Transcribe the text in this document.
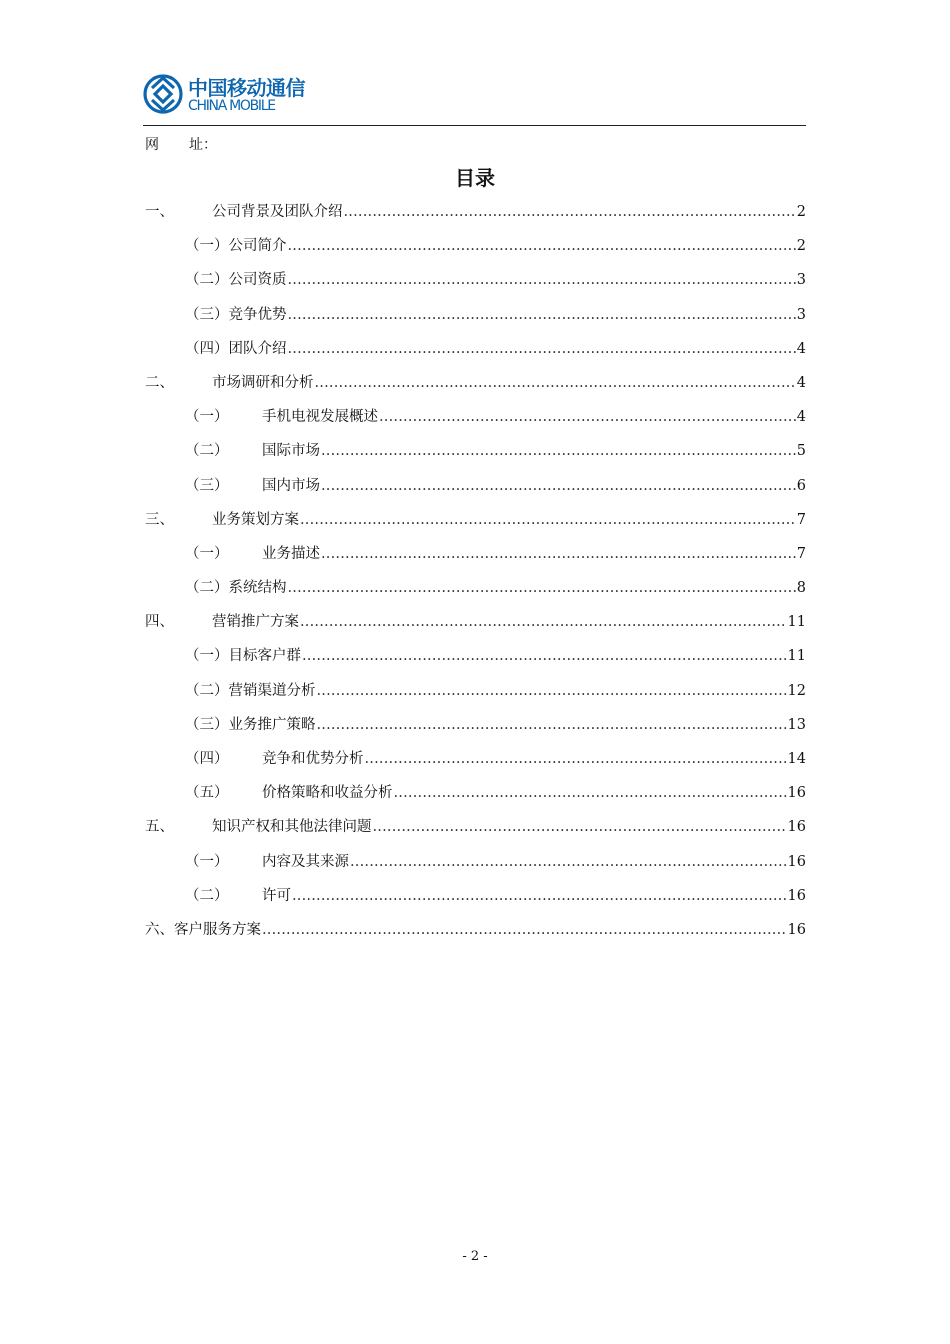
中国移动通信
CHINA MOBILE
网 址：
目录
一、	公司背景及团队介绍 .....	2
（一） 公司简介 .....	2
（二） 公司资质 .....	3
（三） 竞争优势 .....	3
（四） 团队介绍 .....	4
二、	市场调研和分析 .....	4
（一）	手机电视发展概述 .....	4
（二）	国际市场 .....	5
（三）	国内市场 .....	6
三、	业务策划方案 .....	7
（一）	业务描述 .....	7
（二） 系统结构 .....	8
四、	营销推广方案 .....	11
（一） 目标客户群 .....	11
（二） 营销渠道分析 .....	12
（三） 业务推广策略 .....	13
（四）	竞争和优势分析 .....	14
（五）	价格策略和收益分析 .....	16
五、	知识产权和其他法律问题 .....	16
（一）	内容及其来源 .....	16
（二）	许可 .....	16
六、 客户服务方案 .....	16
- 2 -
